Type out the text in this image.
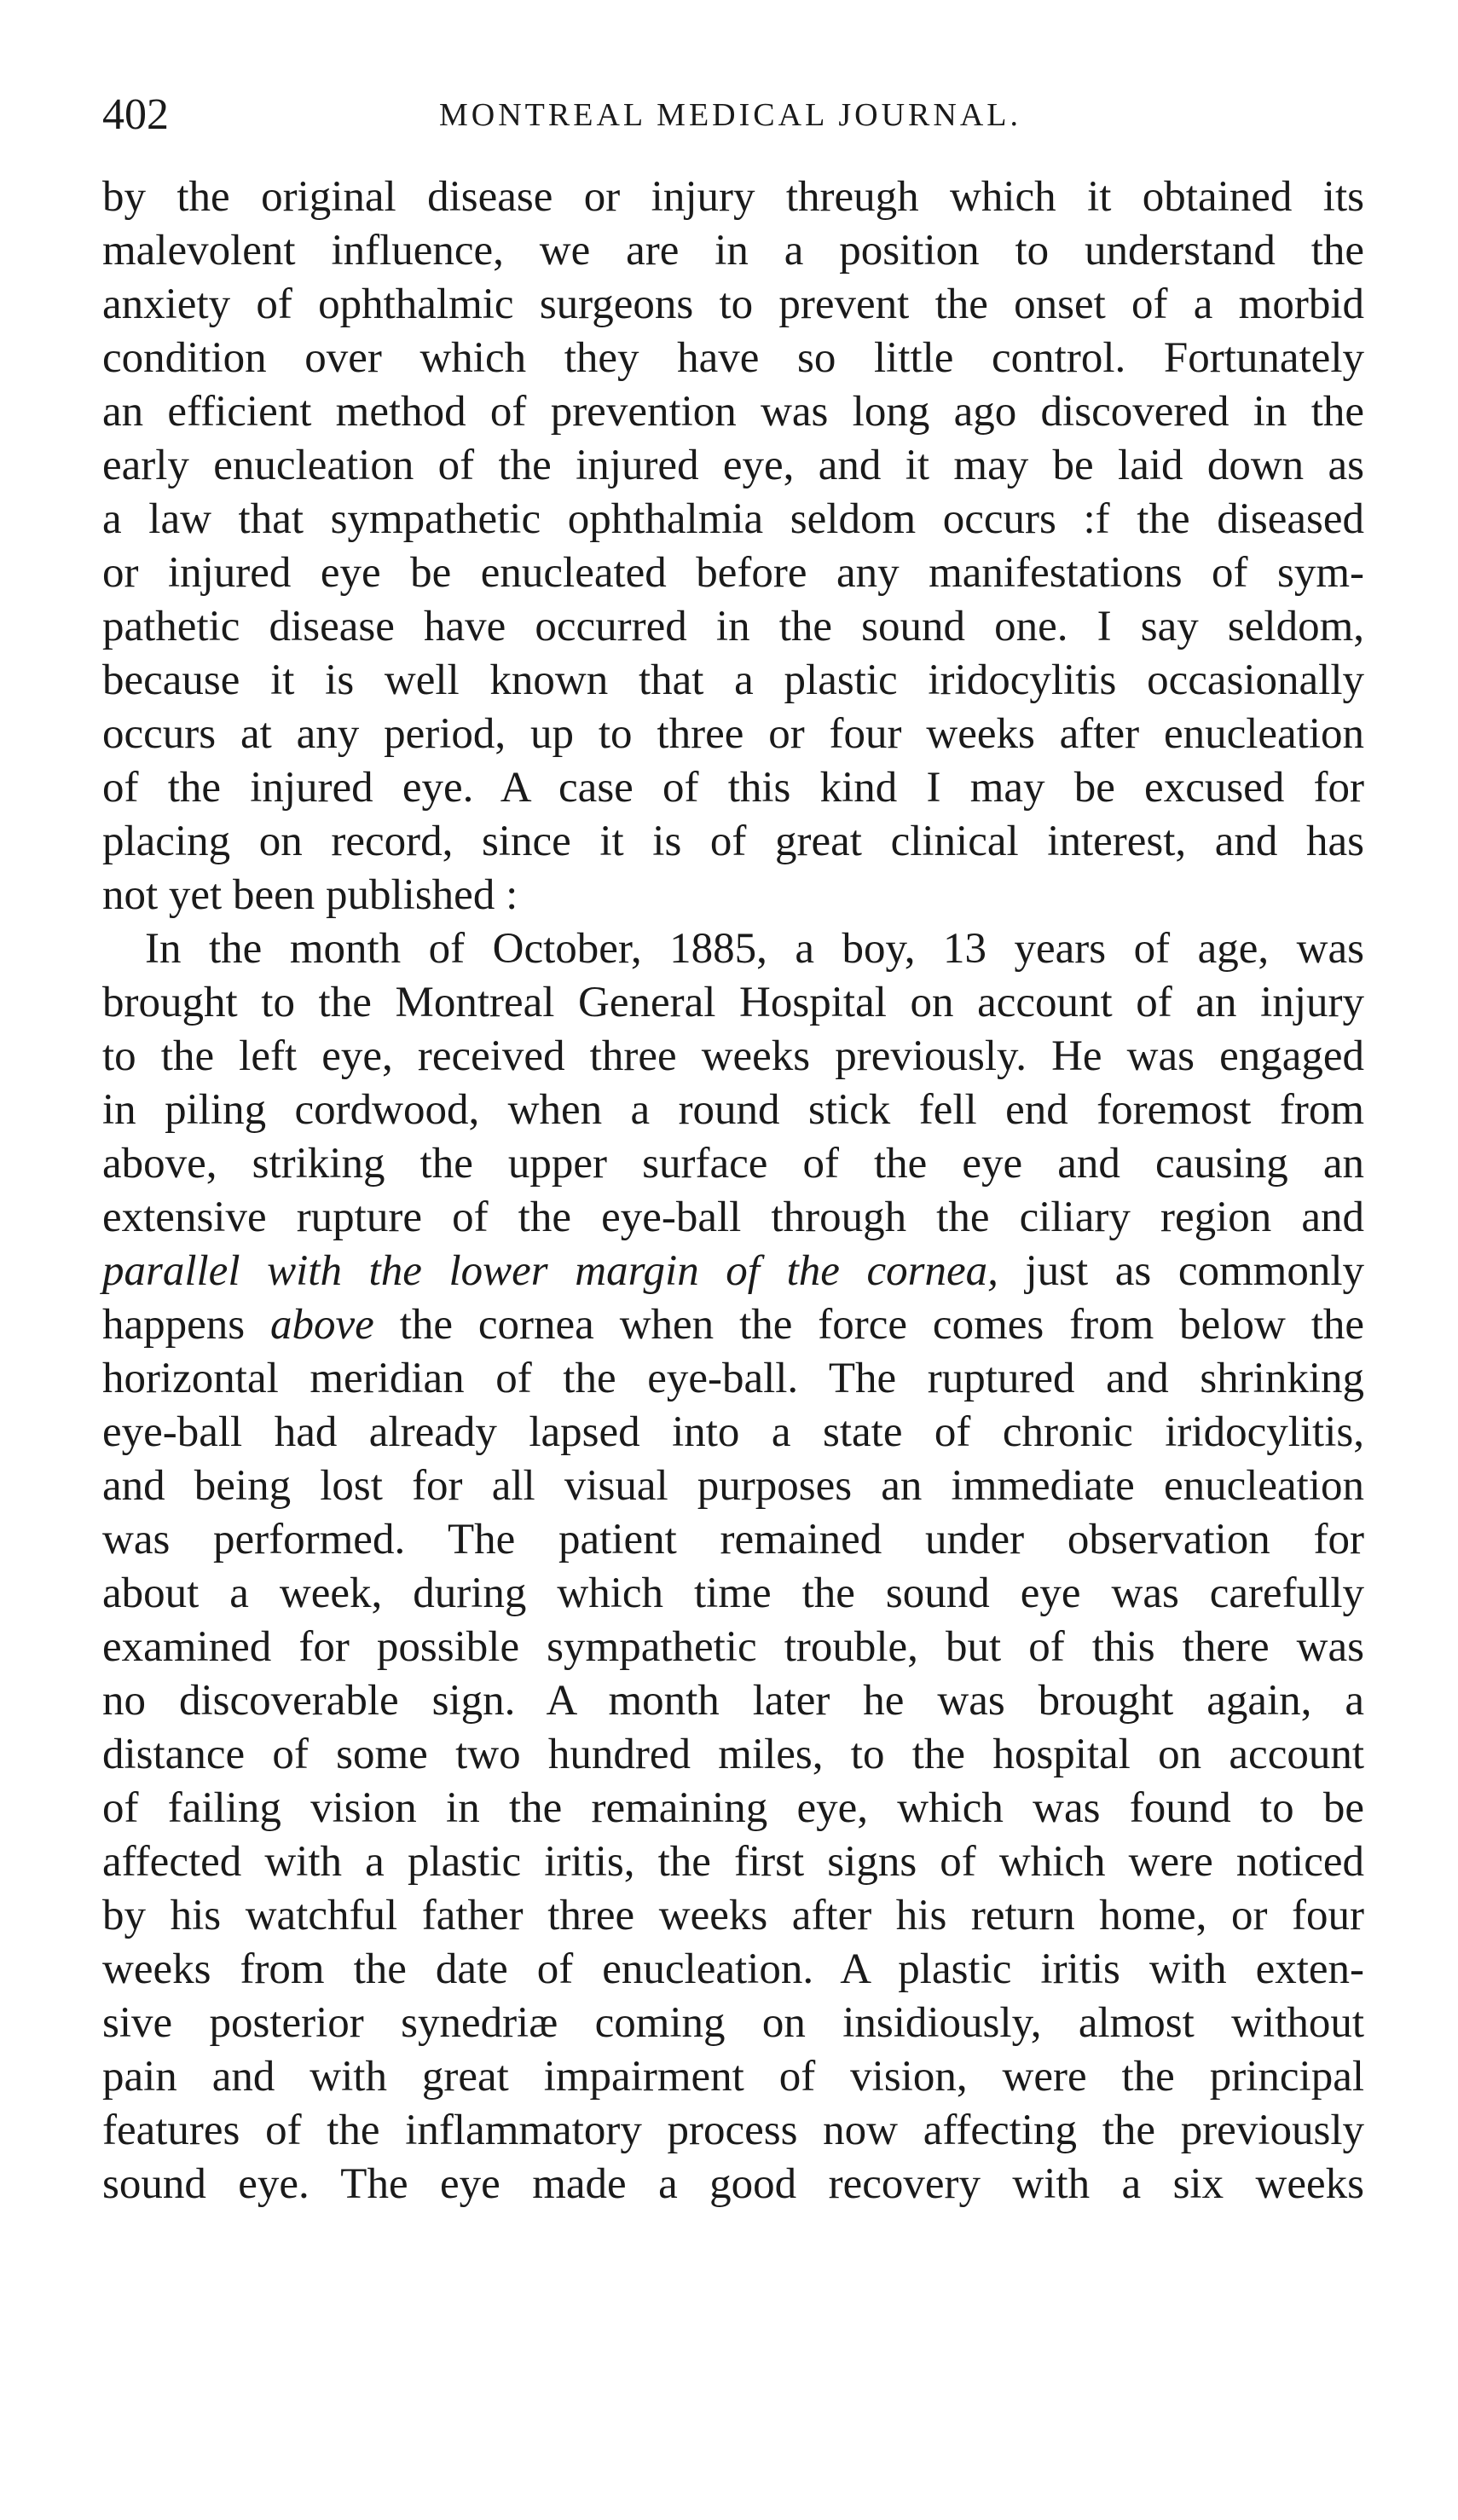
402	MONTREAL MEDICAL JOURNAL.
by the original disease or injury threugh which it obtained its
malevolent influence, we are in a position to understand the
anxiety of ophthalmic surgeons to prevent the onset of a morbid
condition over which they have so little control. Fortunately
an efficient method of prevention was long ago discovered in the
early enucleation of the injured eye, and it may be laid down as
a law that sympathetic ophthalmia seldom occurs :f the diseased
or injured eye be enucleated before any manifestations of sym-
pathetic disease have occurred in the sound one. I say seldom,
because it is well known that a plastic iridocylitis occasionally
occurs at any period, up to three or four weeks after enucleation
of the injured eye. A case of this kind I may be excused for
placing on record, since it is of great clinical interest, and has
not yet been published :
In the month of October, 1885, a boy, 13 years of age, was
brought to the Montreal General Hospital on account of an injury
to the left eye, received three weeks previously. He was engaged
in piling cordwood, when a round stick fell end foremost from
above, striking the upper surface of the eye and causing an
extensive rupture of the eye-ball through the ciliary region and
parallel with the lower margin of the cornea, just as commonly
happens above the cornea when the force comes from below the
horizontal meridian of the eye-ball. The ruptured and shrinking
eye-ball had already lapsed into a state of chronic iridocylitis,
and being lost for all visual purposes an immediate enucleation
was performed. The patient remained under observation for
about a week, during which time the sound eye was carefully
examined for possible sympathetic trouble, but of this there was
no discoverable sign. A month later he was brought again, a
distance of some two hundred miles, to the hospital on account
of failing vision in the remaining eye, which was found to be
affected with a plastic iritis, the first signs of which were noticed
by his watchful father three weeks after his return home, or four
weeks from the date of enucleation. A plastic iritis with exten-
sive posterior synedriæ coming on insidiously, almost without
pain and with great impairment of vision, were the principal
features of the inflammatory process now affecting the previously
sound eye. The eye made a good recovery with a six weeks
